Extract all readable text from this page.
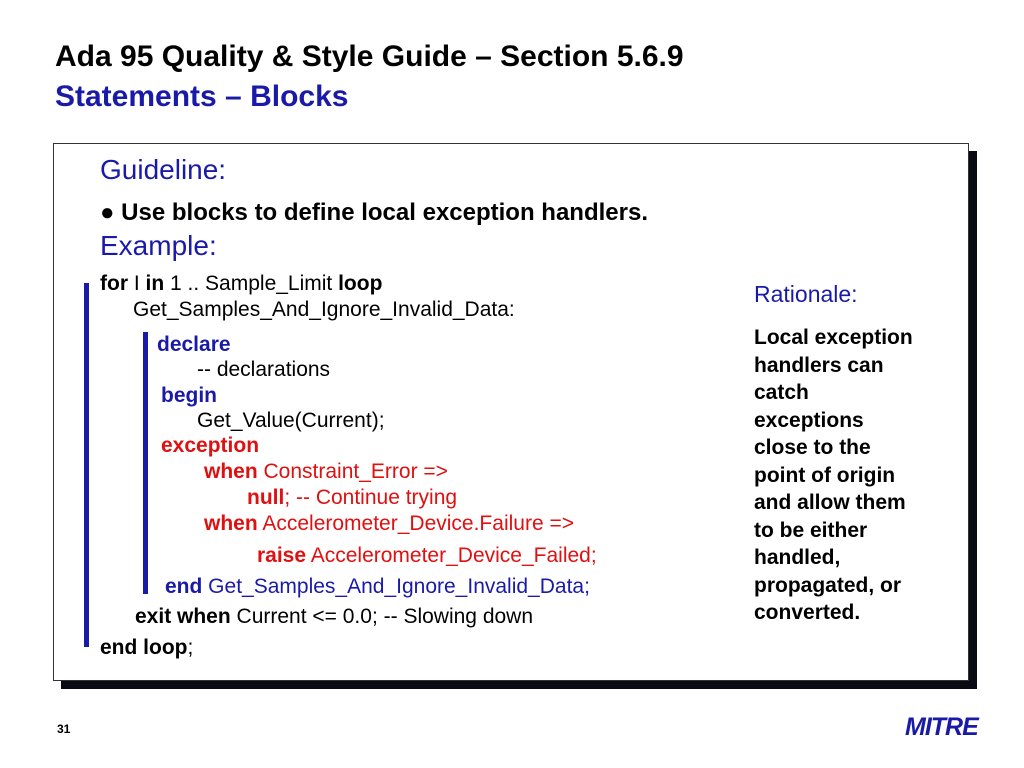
Ada 95 Quality & Style Guide – Section 5.6.9
Statements – Blocks
Guideline:
● Use blocks to define local exception handlers.
Example:
for I in 1 .. Sample_Limit loop
Get_Samples_And_Ignore_Invalid_Data:
declare
-- declarations
begin
Get_Value(Current);
exception
when Constraint_Error =>
null; -- Continue trying
when Accelerometer_Device.Failure =>
raise Accelerometer_Device_Failed;
end Get_Samples_And_Ignore_Invalid_Data;
exit when Current <= 0.0; -- Slowing down
end loop;
Rationale:
Local exception
handlers can
catch
exceptions
close to the
point of origin
and allow them
to be either
handled,
propagated, or
converted.
31	MITRE
